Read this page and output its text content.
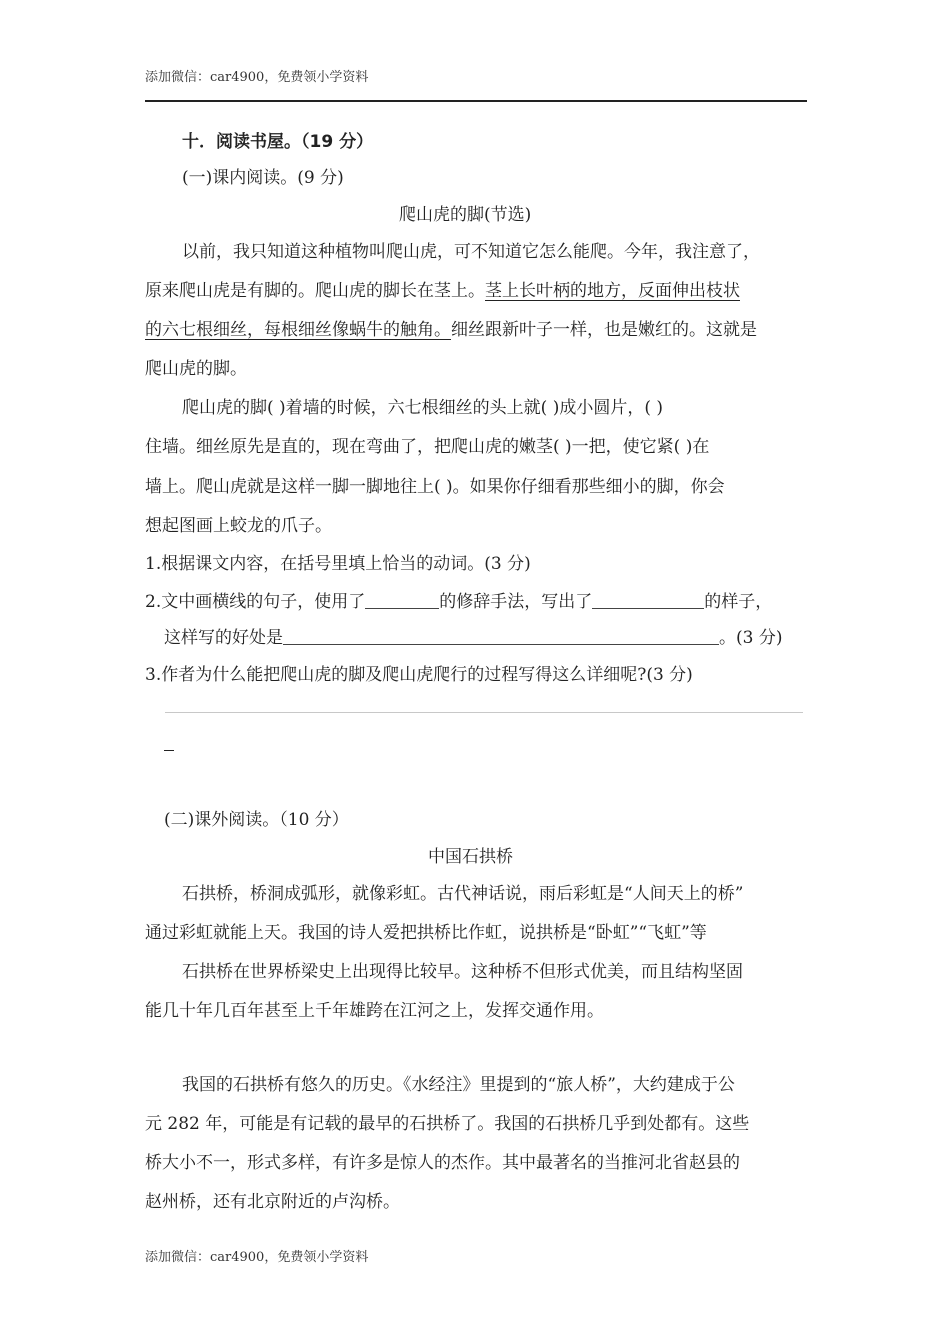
添加微信：car4900，免费领小学资料
十．阅读书屋。（19 分）
(一)课内阅读。(9 分)
爬山虎的脚(节选)
以前，我只知道这种植物叫爬山虎，可不知道它怎么能爬。今年，我注意了，
原来爬山虎是有脚的。爬山虎的脚长在茎上。茎上长叶柄的地方，反面伸出枝状
的六七根细丝，每根细丝像蜗牛的触角。细丝跟新叶子一样，也是嫩红的。这就是
爬山虎的脚。
爬山虎的脚( )着墙的时候，六七根细丝的头上就( )成小圆片，( )
住墙。细丝原先是直的，现在弯曲了，把爬山虎的嫩茎( )一把，使它紧( )在
墙上。爬山虎就是这样一脚一脚地往上( )。如果你仔细看那些细小的脚，你会
想起图画上蛟龙的爪子。
1.根据课文内容，在括号里填上恰当的动词。(3 分)
2.文中画横线的句子，使用了	的修辞手法，写出了	的样子，
这样写的好处是	。(3 分)
3.作者为什么能把爬山虎的脚及爬山虎爬行的过程写得这么详细呢?(3 分)
(二)课外阅读。（10 分）
中国石拱桥
石拱桥，桥洞成弧形，就像彩虹。古代神话说，雨后彩虹是“人间天上的桥”
通过彩虹就能上天。我国的诗人爱把拱桥比作虹，说拱桥是“卧虹”“飞虹”等
石拱桥在世界桥梁史上出现得比较早。这种桥不但形式优美，而且结构坚固
能几十年几百年甚至上千年雄跨在江河之上，发挥交通作用。
我国的石拱桥有悠久的历史。《水经注》里提到的“旅人桥”，大约建成于公
元 282 年，可能是有记载的最早的石拱桥了。我国的石拱桥几乎到处都有。这些
桥大小不一，形式多样，有许多是惊人的杰作。其中最著名的当推河北省赵县的
赵州桥，还有北京附近的卢沟桥。
添加微信：car4900，免费领小学资料
